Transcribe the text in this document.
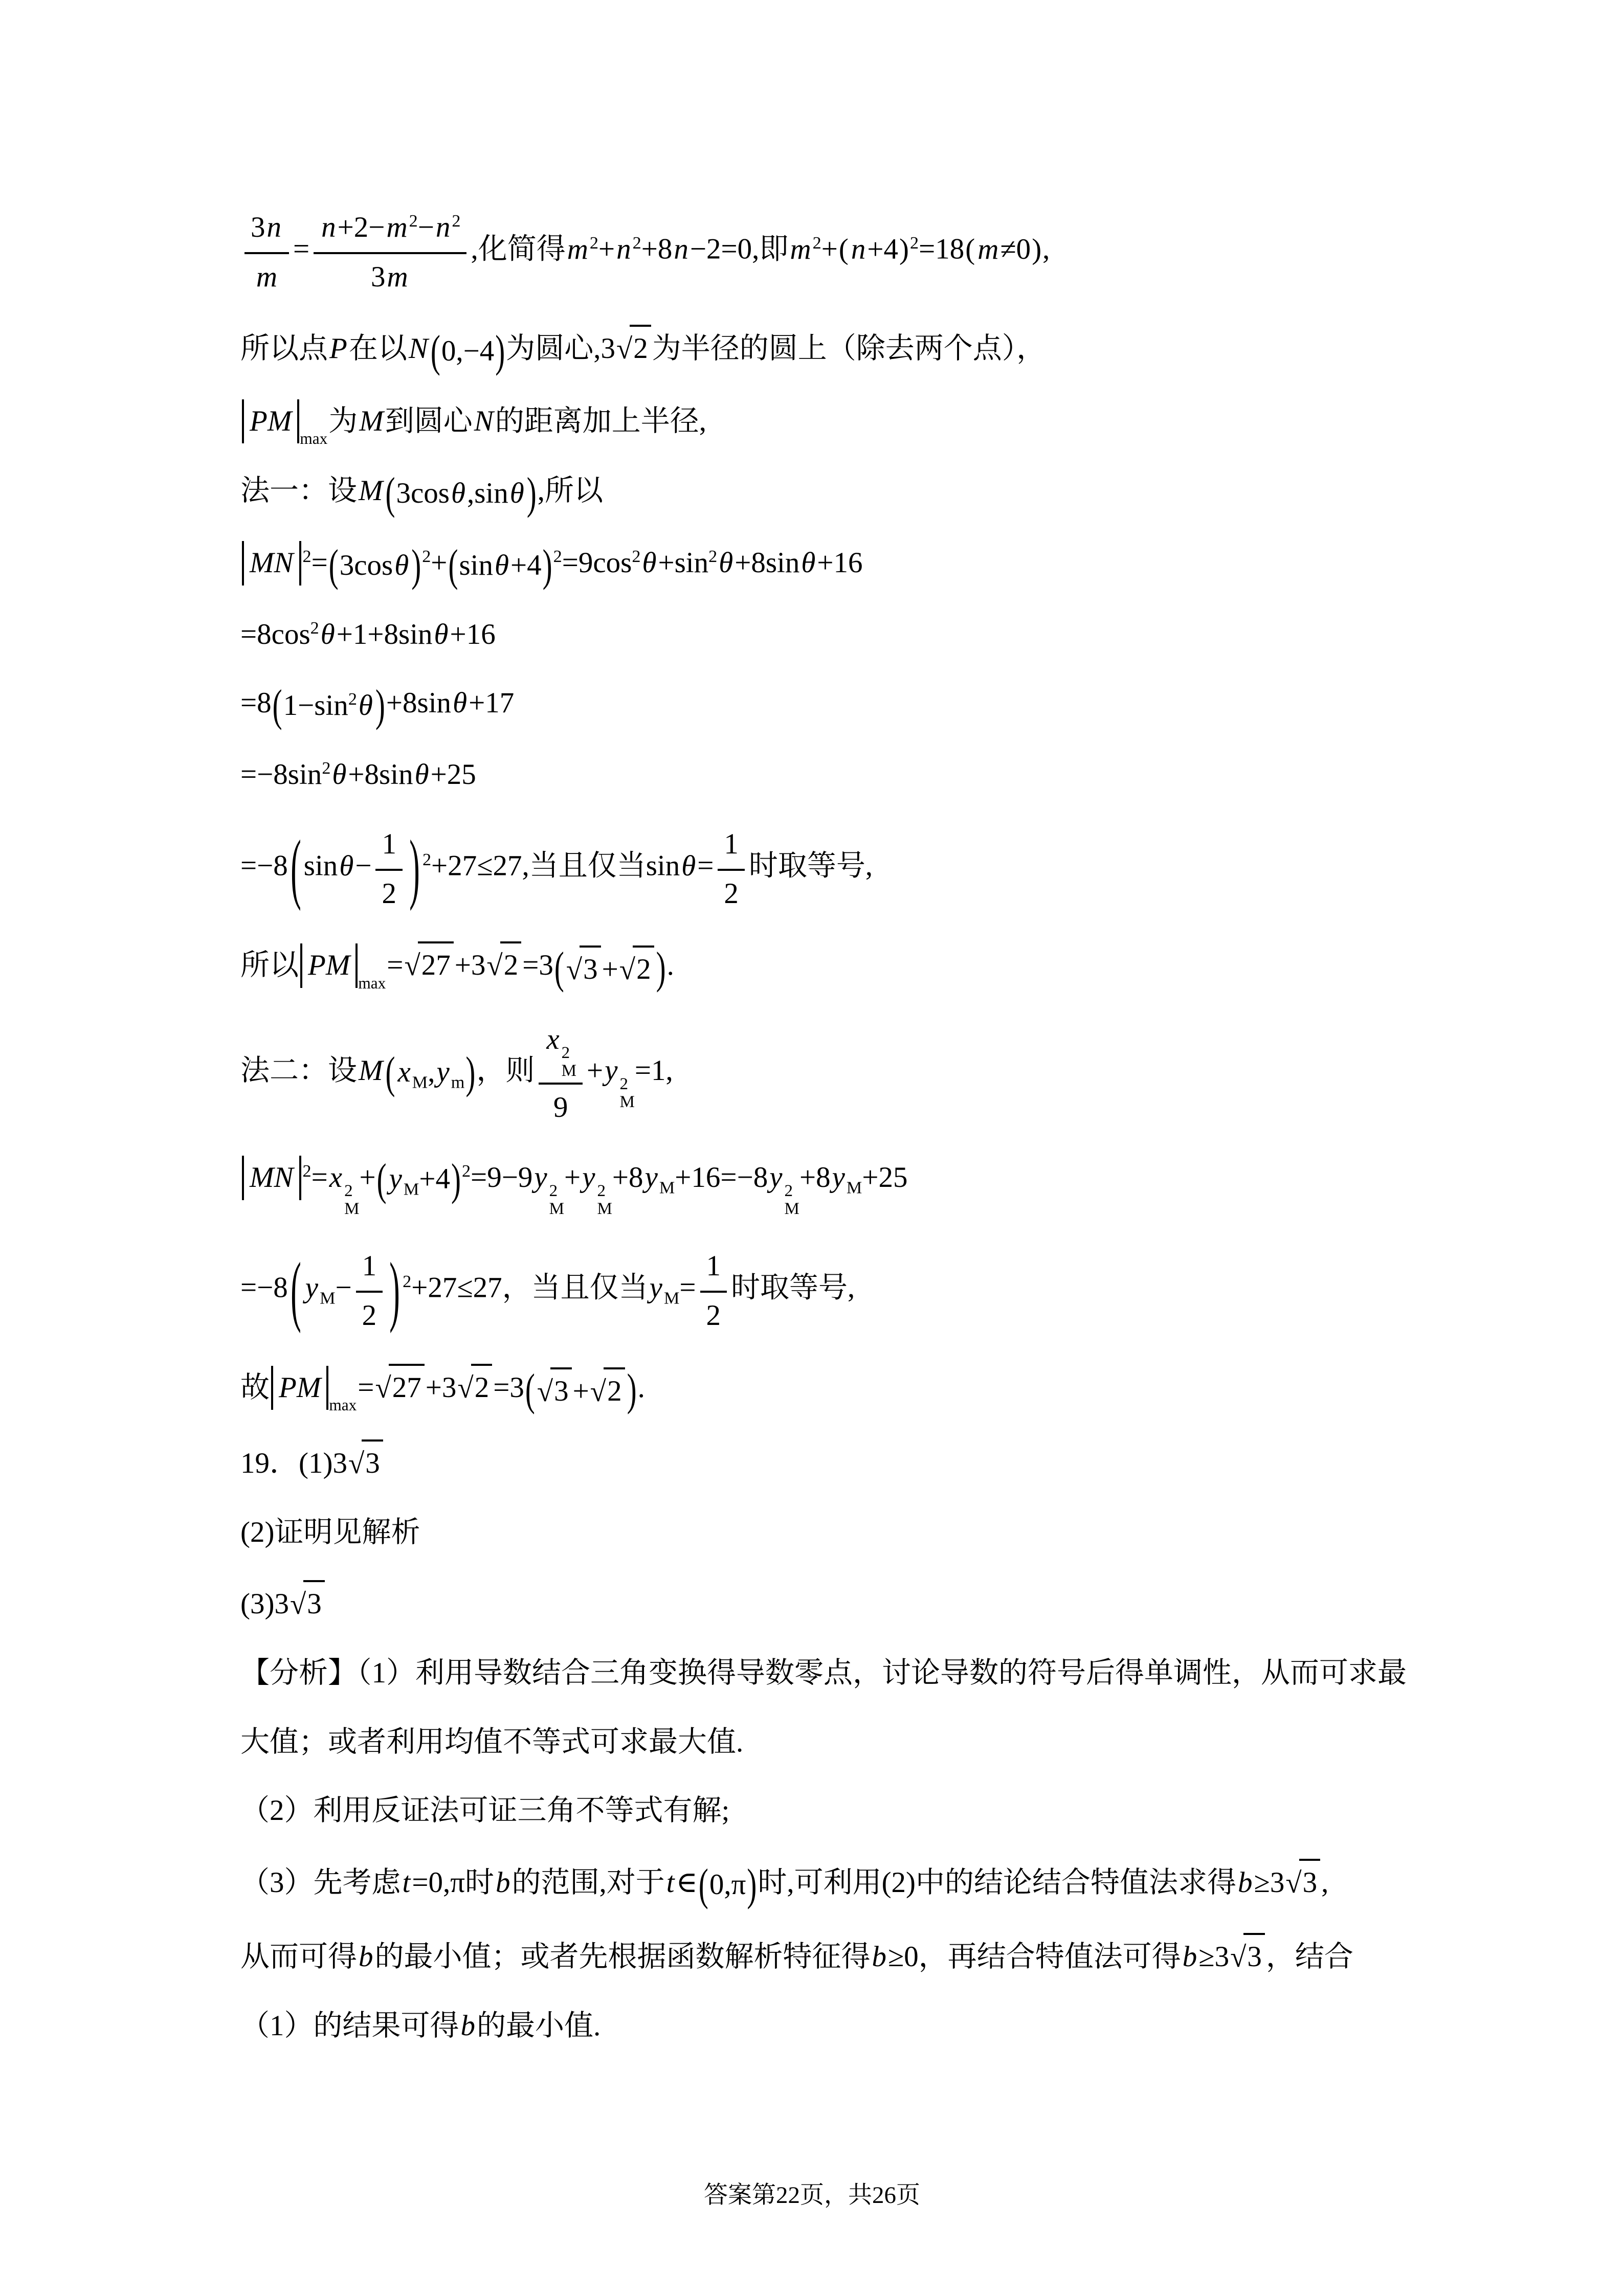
$\frac{3n}{m} = \frac{n+2-m^2-n^2}{3m}$ ,化简得$m^2+n^2+8n-2=0$,即$m^2+(n+4)^2=18(m\ne 0)$,
所以点P在以N ( 0,−4 ) 为圆心,3√2 为半径的圆上（除去两个点），
$PM_{max}$为M到圆心N的距离加上半径,
法一：设M ( 3cosθ,sinθ ) ,所以
MN $^2$= ( 3cosθ ) $^2$+ ( sinθ+4 ) $^2=9\cos^2\theta+\sin^2\theta+8\sin\theta+16$
$=8\cos^2\theta+1+8\sin\theta+16$
=8 ( $1-\sin^2\theta$ ) +8sinθ+17
$=-8\sin^2\theta+8\sin\theta+25$
=−8 ( $\sin\theta- \frac{1}{2}$ ) $^2$+27≤27,当且仅当$\sin\theta= \frac{1}{2}$ 时取等号,
所以 $PM_{max}=√27 +3√2 =3$ ( √3 +√2 ) .
法二：设M ( $x_M,y_m$ ) ，则 x 2
M
9 +y 2
M
=1,
MN $^2$=x 2
M
+ ( $y_M+4$ ) $^2$=9−9y 2
M
+y 2
M
$+8y_M+16=-8y$ 2
M
$+8y_M+25$
=−8 ( $y_M- \frac{1}{2}$ ) $^2$+27≤27，当且仅当$y_M= \frac{1}{2}$ 时取等号,
故 $PM_{max}=√27 +3√2 =3$ ( √3 +√2 ) .
19．(1)3√3
(2)证明见解析
(3)3√3
【分析】（1）利用导数结合三角变换得导数零点，讨论导数的符号后得单调性，从而可求最
大值；或者利用均值不等式可求最大值.
（2）利用反证法可证三角不等式有解;
（3）先考虑t=0,π时b的范围,对于t∈ ( 0,π ) 时,可利用(2)中的结论结合特值法求得b≥3√3 ,
从而可得b的最小值；或者先根据函数解析特征得b≥0，再结合特值法可得b≥3√3 ，结合
（1）的结果可得b的最小值.
答案第22页，共26页
